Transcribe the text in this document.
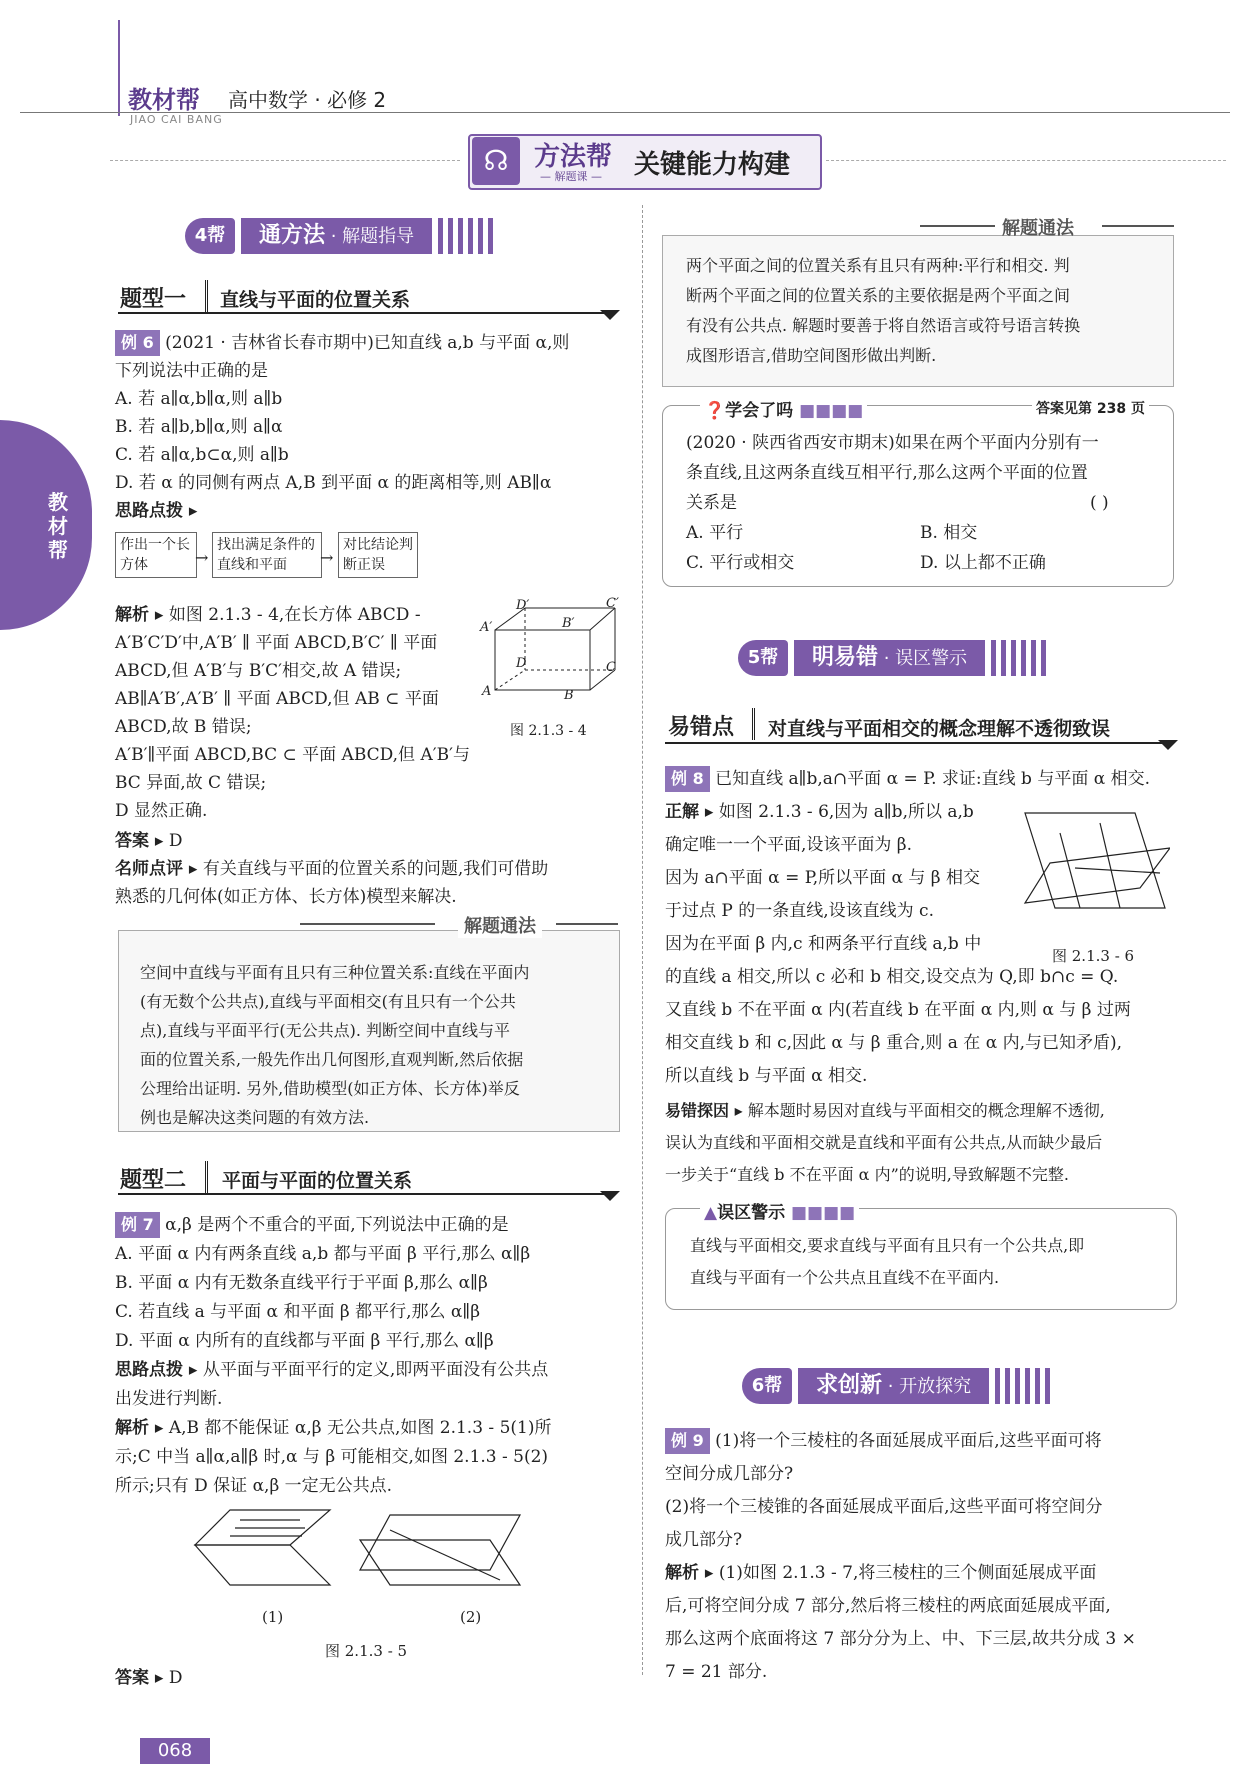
教材帮 高中数学 · 必修 2
JIAO CAI BANG
☊ 方法帮
— 解题课 — 关键能力构建
教材帮
4帮	通方法 · 解题指导
题型一 直线与平面的位置关系
例 6 (2021 · 吉林省长春市期中)已知直线 a,b 与平面 α,则
下列说法中正确的是
A. 若 a∥α,b∥α,则 a∥b
B. 若 a∥b,b∥α,则 a∥α
C. 若 a∥α,b⊂α,则 a∥b
D. 若 α 的同侧有两点 A,B 到平面 α 的距离相等,则 AB∥α
思路点拨 ▸
作出一个长方体	→
找出满足条件的直线和平面	→
对比结论判断正误
解析 ▸ 如图 2.1.3 - 4,在长方体 ABCD -
A′B′C′D′中,A′B′ ∥ 平面 ABCD,B′C′ ∥ 平面
ABCD,但 A′B′与 B′C′相交,故 A 错误;
AB∥A′B′,A′B′ ∥ 平面 ABCD,但 AB ⊂ 平面
ABCD,故 B 错误;
A′B′∥平面 ABCD,BC ⊂ 平面 ABCD,但 A′B′与
BC 异面,故 C 错误;
D 显然正确.
D′	C′
A′	B′
D	C
A	B
图 2.1.3 - 4
答案 ▸ D
名师点评 ▸ 有关直线与平面的位置关系的问题,我们可借助
熟悉的几何体(如正方体、长方体)模型来解决.
解题通法
空间中直线与平面有且只有三种位置关系:直线在平面内
(有无数个公共点),直线与平面相交(有且只有一个公共
点),直线与平面平行(无公共点). 判断空间中直线与平
面的位置关系,一般先作出几何图形,直观判断,然后依据
公理给出证明. 另外,借助模型(如正方体、长方体)举反
例也是解决这类问题的有效方法.
题型二 平面与平面的位置关系
例 7 α,β 是两个不重合的平面,下列说法中正确的是
A. 平面 α 内有两条直线 a,b 都与平面 β 平行,那么 α∥β
B. 平面 α 内有无数条直线平行于平面 β,那么 α∥β
C. 若直线 a 与平面 α 和平面 β 都平行,那么 α∥β
D. 平面 α 内所有的直线都与平面 β 平行,那么 α∥β
思路点拨 ▸ 从平面与平面平行的定义,即两平面没有公共点
出发进行判断.
解析 ▸ A,B 都不能保证 α,β 无公共点,如图 2.1.3 - 5(1)所
示;C 中当 a∥α,a∥β 时,α 与 β 可能相交,如图 2.1.3 - 5(2)
所示;只有 D 保证 α,β 一定无公共点.
(1)	(2)
图 2.1.3 - 5
答案 ▸ D
068
解题通法
两个平面之间的位置关系有且只有两种:平行和相交. 判
断两个平面之间的位置关系的主要依据是两个平面之间
有没有公共点. 解题时要善于将自然语言或符号语言转换
成图形语言,借助空间图形做出判断.
❓学会了吗 ■■■■	答案见第 238 页
(2020 · 陕西省西安市期末)如果在两个平面内分别有一
条直线,且这两条直线互相平行,那么这两个平面的位置
关系是	( )
A. 平行	B. 相交
C. 平行或相交	D. 以上都不正确
5帮	明易错 · 误区警示
易错点 对直线与平面相交的概念理解不透彻致误
例 8 已知直线 a∥b,a∩平面 α = P. 求证:直线 b 与平面 α 相交.
正解 ▸ 如图 2.1.3 - 6,因为 a∥b,所以 a,b
确定唯一一个平面,设该平面为 β.
因为 a∩平面 α = P,所以平面 α 与 β 相交
于过点 P 的一条直线,设该直线为 c.
因为在平面 β 内,c 和两条平行直线 a,b 中
的直线 a 相交,所以 c 必和 b 相交,设交点为 Q,即 b∩c = Q.
又直线 b 不在平面 α 内(若直线 b 在平面 α 内,则 α 与 β 过两
相交直线 b 和 c,因此 α 与 β 重合,则 a 在 α 内,与已知矛盾),
所以直线 b 与平面 α 相交.
图 2.1.3 - 6
易错探因 ▸ 解本题时易因对直线与平面相交的概念理解不透彻,
误认为直线和平面相交就是直线和平面有公共点,从而缺少最后
一步关于“直线 b 不在平面 α 内”的说明,导致解题不完整.
▲误区警示 ■■■■
直线与平面相交,要求直线与平面有且只有一个公共点,即
直线与平面有一个公共点且直线不在平面内.
6帮	求创新 · 开放探究
例 9 (1)将一个三棱柱的各面延展成平面后,这些平面可将
空间分成几部分?
(2)将一个三棱锥的各面延展成平面后,这些平面可将空间分
成几部分?
解析 ▸ (1)如图 2.1.3 - 7,将三棱柱的三个侧面延展成平面
后,可将空间分成 7 部分,然后将三棱柱的两底面延展成平面,
那么这两个底面将这 7 部分分为上、中、下三层,故共分成 3 ×
7 = 21 部分.
